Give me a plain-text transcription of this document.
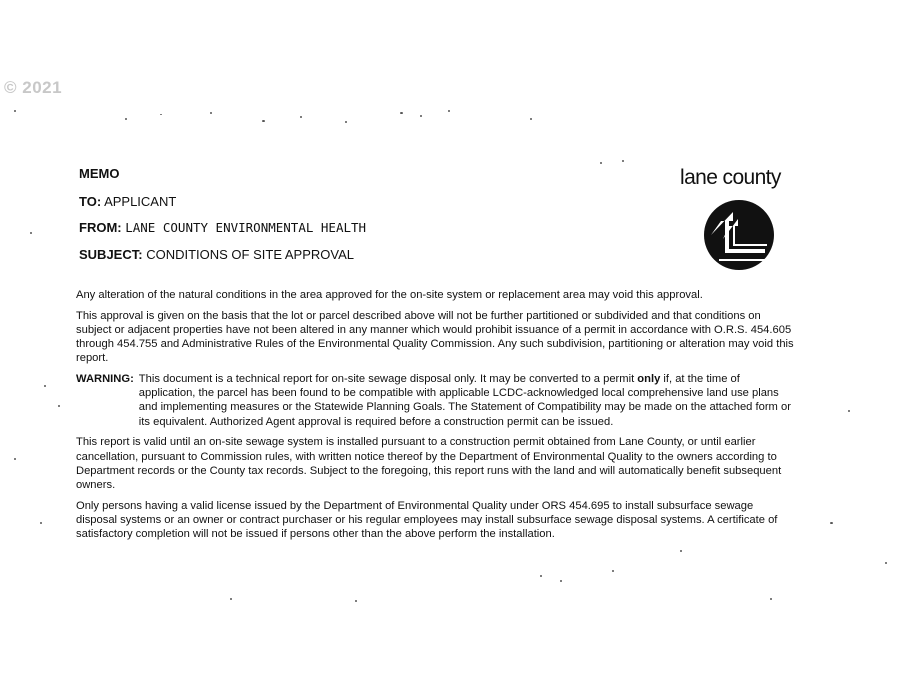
© 2021
MEMO
TO: APPLICANT
FROM: LANE COUNTY ENVIRONMENTAL HEALTH
SUBJECT: CONDITIONS OF SITE APPROVAL
lane county

Any alteration of the natural conditions in the area approved for the on-site system or replacement area may void this approval.

This approval is given on the basis that the lot or parcel described above will not be further partitioned or subdivided and that conditions on subject or adjacent properties have not been altered in any manner which would prohibit issuance of a permit in accordance with O.R.S. 454.605 through 454.755 and Administrative Rules of the Environmental Quality Commission. Any such subdivision, partitioning or alteration may void this report.

WARNING: This document is a technical report for on-site sewage disposal only. It may be converted to a permit only if, at the time of application, the parcel has been found to be compatible with applicable LCDC-acknowledged local comprehensive land use plans and implementing measures or the Statewide Planning Goals. The Statement of Compatibility may be made on the attached form or its equivalent. Authorized Agent approval is required before a construction permit can be issued.

This report is valid until an on-site sewage system is installed pursuant to a construction permit obtained from Lane County, or until earlier cancellation, pursuant to Commission rules, with written notice thereof by the Department of Environmental Quality to the owners according to Department records or the County tax records. Subject to the foregoing, this report runs with the land and will automatically benefit subsequent owners.

Only persons having a valid license issued by the Department of Environmental Quality under ORS 454.695 to install subsurface sewage disposal systems or an owner or contract purchaser or his regular employees may install subsurface sewage disposal systems. A certificate of satisfactory completion will not be issued if persons other than the above perform the installation.
